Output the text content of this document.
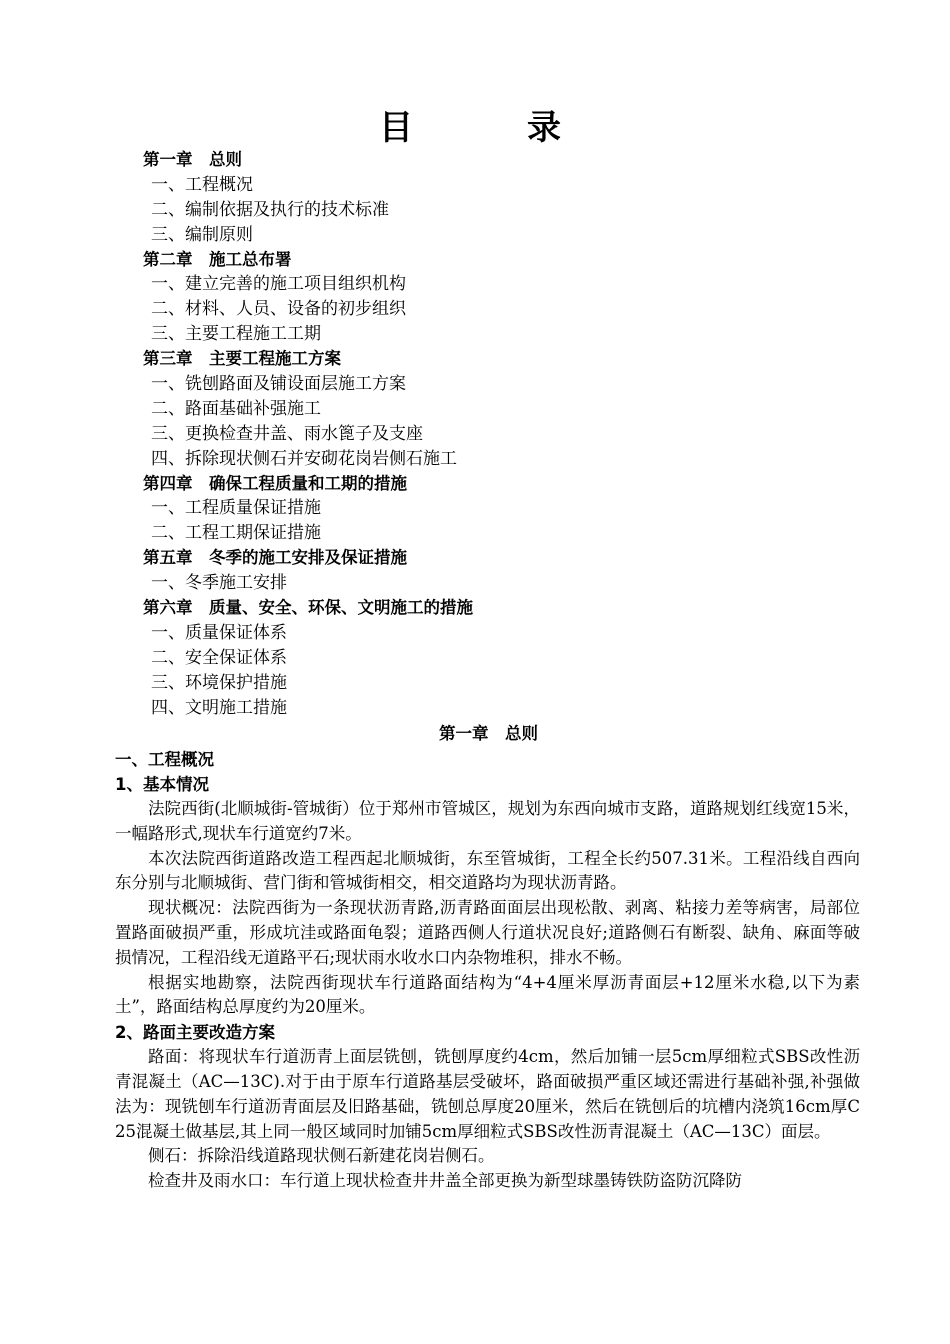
目　录
第一章　总则
一、工程概况
二、编制依据及执行的技术标准
三、编制原则
第二章　施工总布署
一、建立完善的施工项目组织机构
二、材料、人员、设备的初步组织
三、主要工程施工工期
第三章　主要工程施工方案
一、铣刨路面及铺设面层施工方案
二、路面基础补强施工
三、更换检查井盖、雨水篦子及支座
四、拆除现状侧石并安砌花岗岩侧石施工
第四章　确保工程质量和工期的措施
一、工程质量保证措施
二、工程工期保证措施
第五章　冬季的施工安排及保证措施
一、冬季施工安排
第六章　质量、安全、环保、文明施工的措施
一、质量保证体系
二、安全保证体系
三、环境保护措施
四、文明施工措施
第一章　总则
一、工程概况
1、基本情况

法院西街(北顺城街-管城街）位于郑州市管城区，规划为东西向城市支路，道路规划红线宽15米，一幅路形式,现状车行道宽约7米。

本次法院西街道路改造工程西起北顺城街，东至管城街，工程全长约507.31米。工程沿线自西向东分别与北顺城街、营门街和管城街相交，相交道路均为现状沥青路。

现状概况：法院西街为一条现状沥青路,沥青路面面层出现松散、剥离、粘接力差等病害，局部位置路面破损严重，形成坑洼或路面龟裂；道路西侧人行道状况良好;道路侧石有断裂、缺角、麻面等破损情况，工程沿线无道路平石;现状雨水收水口内杂物堆积，排水不畅。

根据实地勘察，法院西街现状车行道路面结构为“4+4厘米厚沥青面层+12厘米水稳,以下为素土”，路面结构总厚度约为20厘米。

2、路面主要改造方案

路面：将现状车行道沥青上面层铣刨，铣刨厚度约4cm，然后加铺一层5cm厚细粒式SBS改性沥青混凝土（AC—13C).对于由于原车行道路基层受破坏，路面破损严重区域还需进行基础补强,补强做法为：现铣刨车行道沥青面层及旧路基础，铣刨总厚度20厘米，然后在铣刨后的坑槽内浇筑16cm厚C25混凝土做基层,其上同一般区域同时加铺5cm厚细粒式SBS改性沥青混凝土（AC—13C）面层。

侧石：拆除沿线道路现状侧石新建花岗岩侧石。

检查井及雨水口：车行道上现状检查井井盖全部更换为新型球墨铸铁防盗防沉降防
